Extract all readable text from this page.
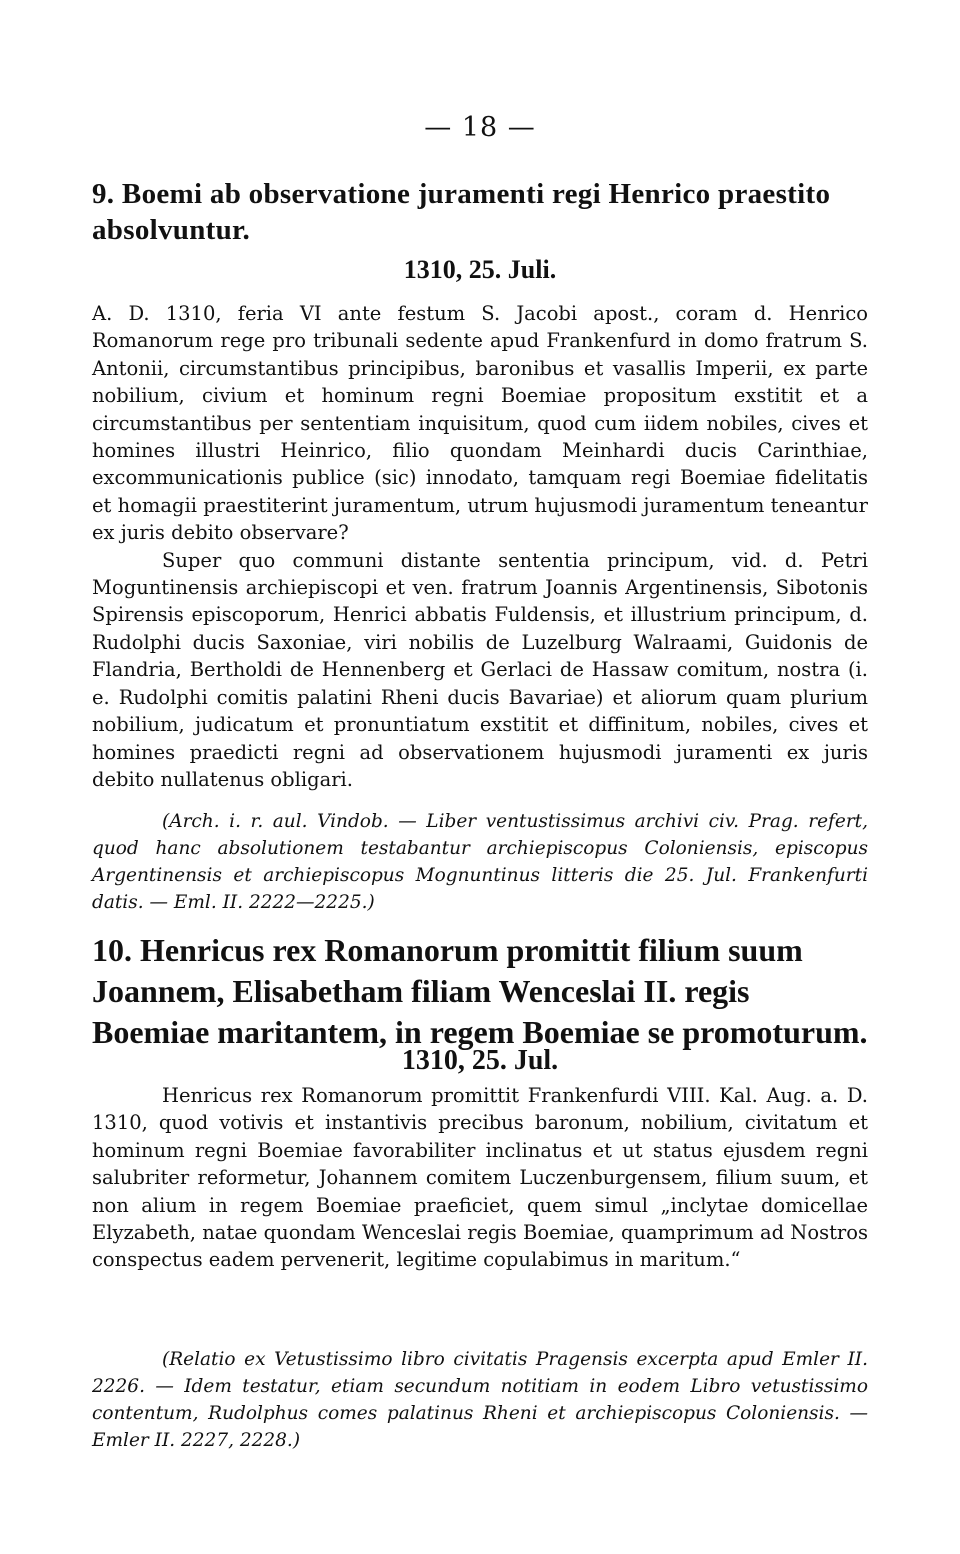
— 18 —
9. Boemi ab observatione juramenti regi Henrico praestito absolvuntur.
1310, 25. Juli.

A. D. 1310, feria VI ante festum S. Jacobi apost., coram d. Henrico Romanorum rege pro tribunali sedente apud Frankenfurd in domo fratrum S. Antonii, circumstantibus principibus, baronibus et vasallis Imperii, ex parte nobilium, civium et hominum regni Boemiae propositum exstitit et a circumstantibus per sententiam inquisitum, quod cum iidem nobiles, cives et homines illustri Heinrico, filio quondam Meinhardi ducis Carinthiae, excommunicationis publice (sic) innodato, tamquam regi Boemiae fidelitatis et homagii praestiterint juramentum, utrum hujusmodi juramentum teneantur ex juris debito observare?

Super quo communi distante sententia principum, vid. d. Petri Moguntinensis archiepiscopi et ven. fratrum Joannis Argentinensis, Sibotonis Spirensis episcoporum, Henrici abbatis Fuldensis, et illustrium principum, d. Rudolphi ducis Saxoniae, viri nobilis de Luzelburg Walraami, Guidonis de Flandria, Bertholdi de Hennenberg et Gerlaci de Hassaw comitum, nostra (i. e. Rudolphi comitis palatini Rheni ducis Bavariae) et aliorum quam plurium nobilium, judicatum et pronuntiatum exstitit et diffinitum, nobiles, cives et homines praedicti regni ad observationem hujusmodi juramenti ex juris debito nullatenus obligari.

(Arch. i. r. aul. Vindob. — Liber ventustissimus archivi civ. Prag. refert, quod hanc absolutionem testabantur archiepiscopus Coloniensis, episcopus Argentinensis et archiepiscopus Mognuntinus litteris die 25. Jul. Frankenfurti datis. — Eml. II. 2222—2225.)
10. Henricus rex Romanorum promittit filium suum Joannem, Elisabetham filiam Wenceslai II. regis Boemiae maritantem, in regem Boemiae se promoturum.
1310, 25. Jul.

Henricus rex Romanorum promittit Frankenfurdi VIII. Kal. Aug. a. D. 1310, quod votivis et instantivis precibus baronum, nobilium, civitatum et hominum regni Boemiae favorabiliter inclinatus et ut status ejusdem regni salubriter reformetur, Johannem comitem Luczenburgensem, filium suum, et non alium in regem Boemiae praeficiet, quem simul „inclytae domicellae Elyzabeth, natae quondam Wenceslai regis Boemiae, quamprimum ad Nostros conspectus eadem pervenerit, legitime copulabimus in maritum.“

(Relatio ex Vetustissimo libro civitatis Pragensis excerpta apud Emler II. 2226. — Idem testatur, etiam secundum notitiam in eodem Libro vetustissimo contentum, Rudolphus comes palatinus Rheni et archiepiscopus Coloniensis. — Emler II. 2227, 2228.)
